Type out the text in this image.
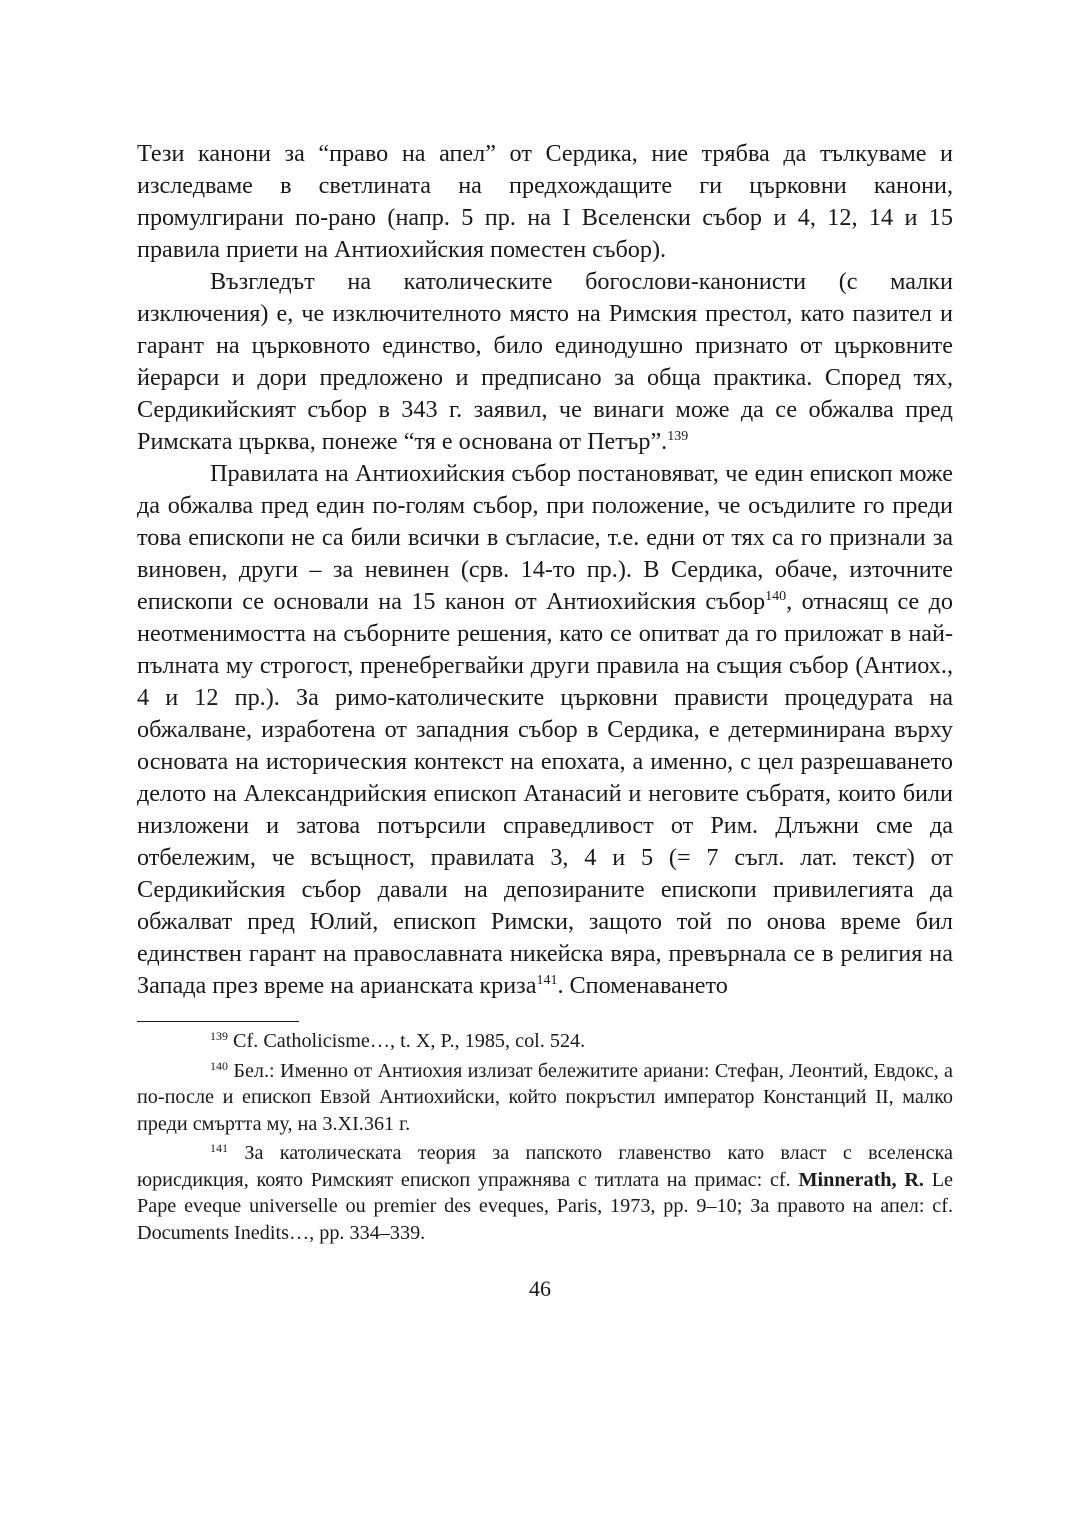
Тези канони за “право на апел” от Сердика, ние трябва да тълкуваме и изследваме в светлината на предхождащите ги църковни канони, промулгирани по-рано (напр. 5 пр. на I Вселенски събор и 4, 12, 14 и 15 правила приети на Антиохийския поместен събор).

Възгледът на католическите богослови-канонисти (с малки изключения) е, че изключителното място на Римския престол, като пазител и гарант на църковното единство, било единодушно признато от църковните йерарси и дори предложено и предписано за обща практика. Според тях, Сердикийският събор в 343 г. заявил, че винаги може да се обжалва пред Римската църква, понеже “тя е основана от Петър”.$^{139}$

Правилата на Антиохийския събор постановяват, че един епископ може да обжалва пред един по-голям събор, при положение, че осъдилите го преди това епископи не са били всички в съгласие, т.е. едни от тях са го признали за виновен, други – за невинен (срв. 14-то пр.). В Сердика, обаче, източните епископи се основали на 15 канон от Антиохийския събор$^{140}$, отнасящ се до неотменимостта на съборните решения, като се опитват да го приложат в най-пълната му строгост, пренебрегвайки други правила на същия събор (Антиох., 4 и 12 пр.). За римо-католическите църковни прависти процедурата на обжалване, изработена от западния събор в Сердика, е детерминирана върху основата на историческия контекст на епохата, а именно, с цел разрешаването делото на Александрийския епископ Атанасий и неговите събратя, които били низложени и затова потърсили справедливост от Рим. Длъжни сме да отбележим, че всъщност, правилата 3, 4 и 5 (= 7 съгл. лат. текст) от Сердикийския събор давали на депозираните епископи привилегията да обжалват пред Юлий, епископ Римски, защото той по онова време бил единствен гарант на православната никейска вяра, превърнала се в религия на Запада през време на арианската криза$^{141}$. Споменаването

$^{139}$ Cf. Catholicisme…, t. X, P., 1985, col. 524.

$^{140}$ Бел.: Именно от Антиохия излизат бележитите ариани: Стефан, Леонтий, Евдокс, а по-после и епископ Евзой Антиохийски, който покръстил император Констанций II, малко преди смъртта му, на 3.XI.361 г.

$^{141}$ За католическата теория за папското главенство като власт с вселенска юрисдикция, която Римският епископ упражнява с титлата на примас: cf. Minnerath, R. Le Pape eveque universelle ou premier des eveques, Paris, 1973, pp. 9–10; За правото на апел: cf. Documents Inedits…, pp. 334–339.

46
